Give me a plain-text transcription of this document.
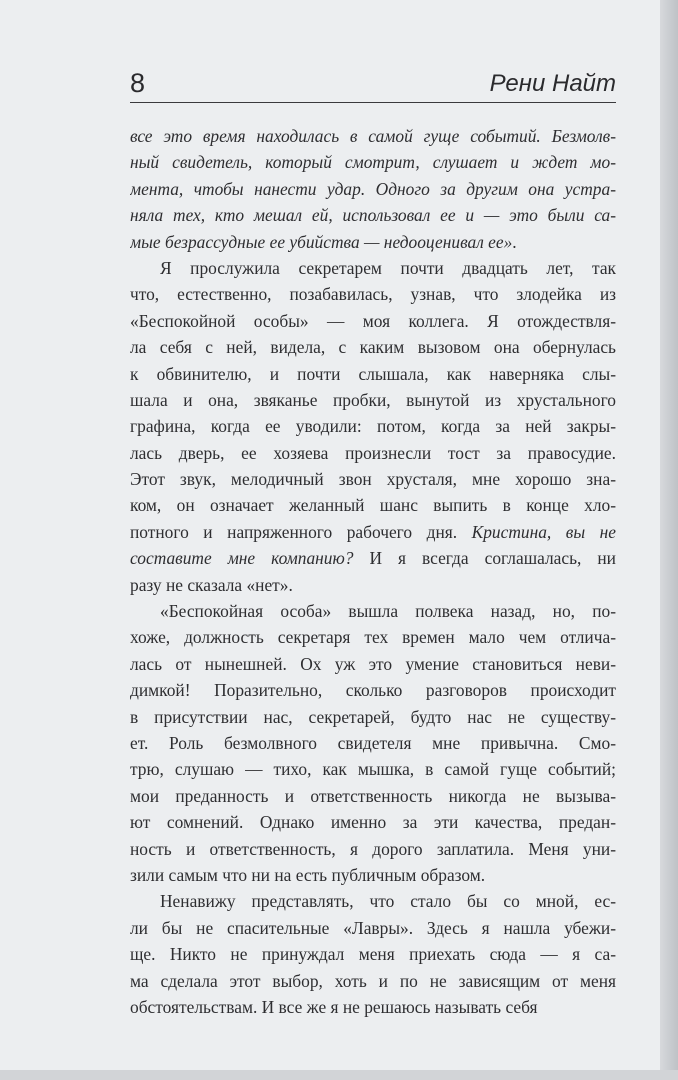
8	Рени Найт
все это время находилась в самой гуще событий. Безмолв-
ный свидетель, который смотрит, слушает и ждет мо-
мента, чтобы нанести удар. Одного за другим она устра-
няла тех, кто мешал ей, использовал ее и — это были са-
мые безрассудные ее убийства — недооценивал ее».
Я прослужила секретарем почти двадцать лет, так
что, естественно, позабавилась, узнав, что злодейка из
«Беспокойной особы» — моя коллега. Я отождествля-
ла себя с ней, видела, с каким вызовом она обернулась
к обвинителю, и почти слышала, как наверняка слы-
шала и она, звяканье пробки, вынутой из хрустального
графина, когда ее уводили: потом, когда за ней закры-
лась дверь, ее хозяева произнесли тост за правосудие.
Этот звук, мелодичный звон хрусталя, мне хорошо зна-
ком, он означает желанный шанс выпить в конце хло-
потного и напряженного рабочего дня. Кристина, вы не
составите мне компанию? И я всегда соглашалась, ни
разу не сказала «нет».
«Беспокойная особа» вышла полвека назад, но, по-
хоже, должность секретаря тех времен мало чем отлича-
лась от нынешней. Ох уж это умение становиться неви-
димкой! Поразительно, сколько разговоров происходит
в присутствии нас, секретарей, будто нас не существу-
ет. Роль безмолвного свидетеля мне привычна. Смо-
трю, слушаю — тихо, как мышка, в самой гуще событий;
мои преданность и ответственность никогда не вызыва-
ют сомнений. Однако именно за эти качества, предан-
ность и ответственность, я дорого заплатила. Меня уни-
зили самым что ни на есть публичным образом.
Ненавижу представлять, что стало бы со мной, ес-
ли бы не спасительные «Лавры». Здесь я нашла убежи-
ще. Никто не принуждал меня приехать сюда — я са-
ма сделала этот выбор, хоть и по не зависящим от меня
обстоятельствам. И все же я не решаюсь называть себя
